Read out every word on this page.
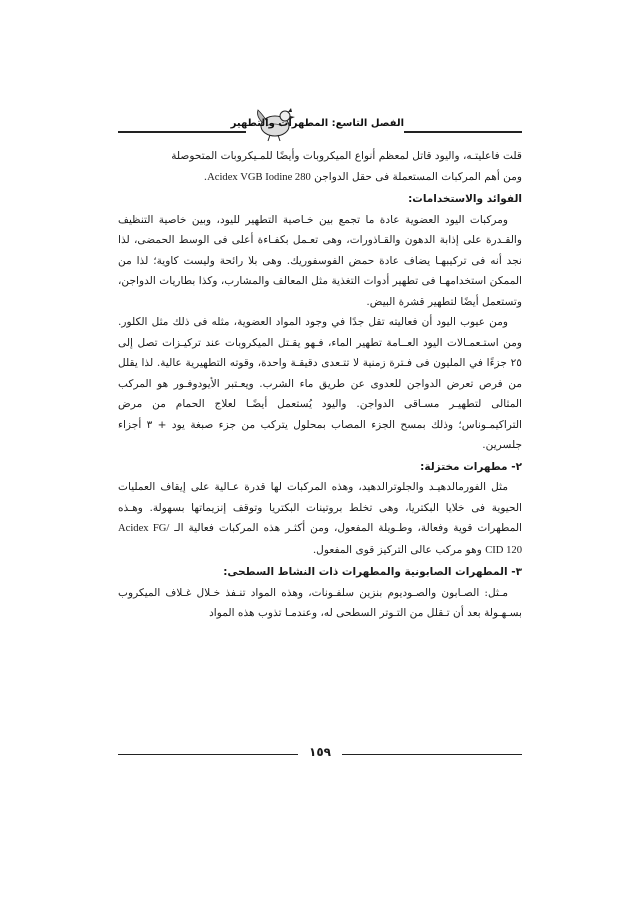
الفصل التاسع: المطهرات والتطهير

قلت فاعليتـه، واليود قاتل لمعظم أنواع الميكروبات وأيضًا للمـيكروبات المتحوصلة

ومن أهم المركبات المستعملة فى حقل الدواجن Acidex VGB Iodine 280.

الفوائد والاستخدامات:

ومركبات اليود العضوية عادة ما تجمع بين خـاصية التطهير لليود، وبين خاصية التنظيف والقـدرة على إذابة الدهون والقـاذورات، وهى تعـمل بكفـاءة أعلى فى الوسط الحمضى، لذا نجد أنه فى تركيبهـا يضاف عادة حمض الفوسفوريك. وهى بلا رائحة وليست كاوية؛ لذا من الممكن استخدامهـا فى تطهير أدوات التغذية مثل المعالف والمشارب، وكذا بطاريات الدواجن، وتستعمل أيضًا لتطهير قشرة البيض.

ومن عيوب اليود أن فعاليته تقل جدًا في وجود المواد العضوية، مثله فى ذلك مثل الكلور. ومن استـعمـالات اليود العــامة تطهير الماء، فـهو يقـتل الميكروبات عند تركيـزات تصل إلى ٢٥ جزءًا في المليون فى فـترة زمنية لا تتـعدى دقيقـة واحدة، وقوته التطهيرية عالية. لذا يقلل من فرص تعرض الدواجن للعدوى عن طريق ماء الشرب. ويعـتبر الأيودوفـور هو المركب المثالى لتطهيـر مسـاقى الدواجن. واليود يُستعمل أيضًـا لعلاج الحمام من مرض التراكيمـوناس؛ وذلك بمسح الجزء المصاب بمحلول يتركب من جزء صبغة يود + ٣ أجزاء جلسرين.

٢- مطهرات مختزلة:

مثل الفورمالدهيـد والجلوترالدهيد، وهذه المركبات لها قدرة عـالية على إيقاف العمليات الحيوية فى خلايا البكتريا، وهى تخلط بروتينات البكتريا وتوقف إنزيماتها بسهولة. وهـذه المطهرات قوية وفعالة، وطـويلة المفعول، ومن أكثـر هذه المركبات فعالية الـ Acidex FG/ CID 120 وهو مركب عالى التركيز قوى المفعول.

٣- المطهرات الصابونية والمطهرات ذات النشاط السطحى:

مـثل: الصـابون والصـوديوم بنزين سلفـونات، وهذه المواد تنـفذ خـلال غـلاف الميكروب بسـهـولة بعد أن تـقلل من التـوتر السطحى له، وعندمـا تذوب هذه المواد

١٥٩
